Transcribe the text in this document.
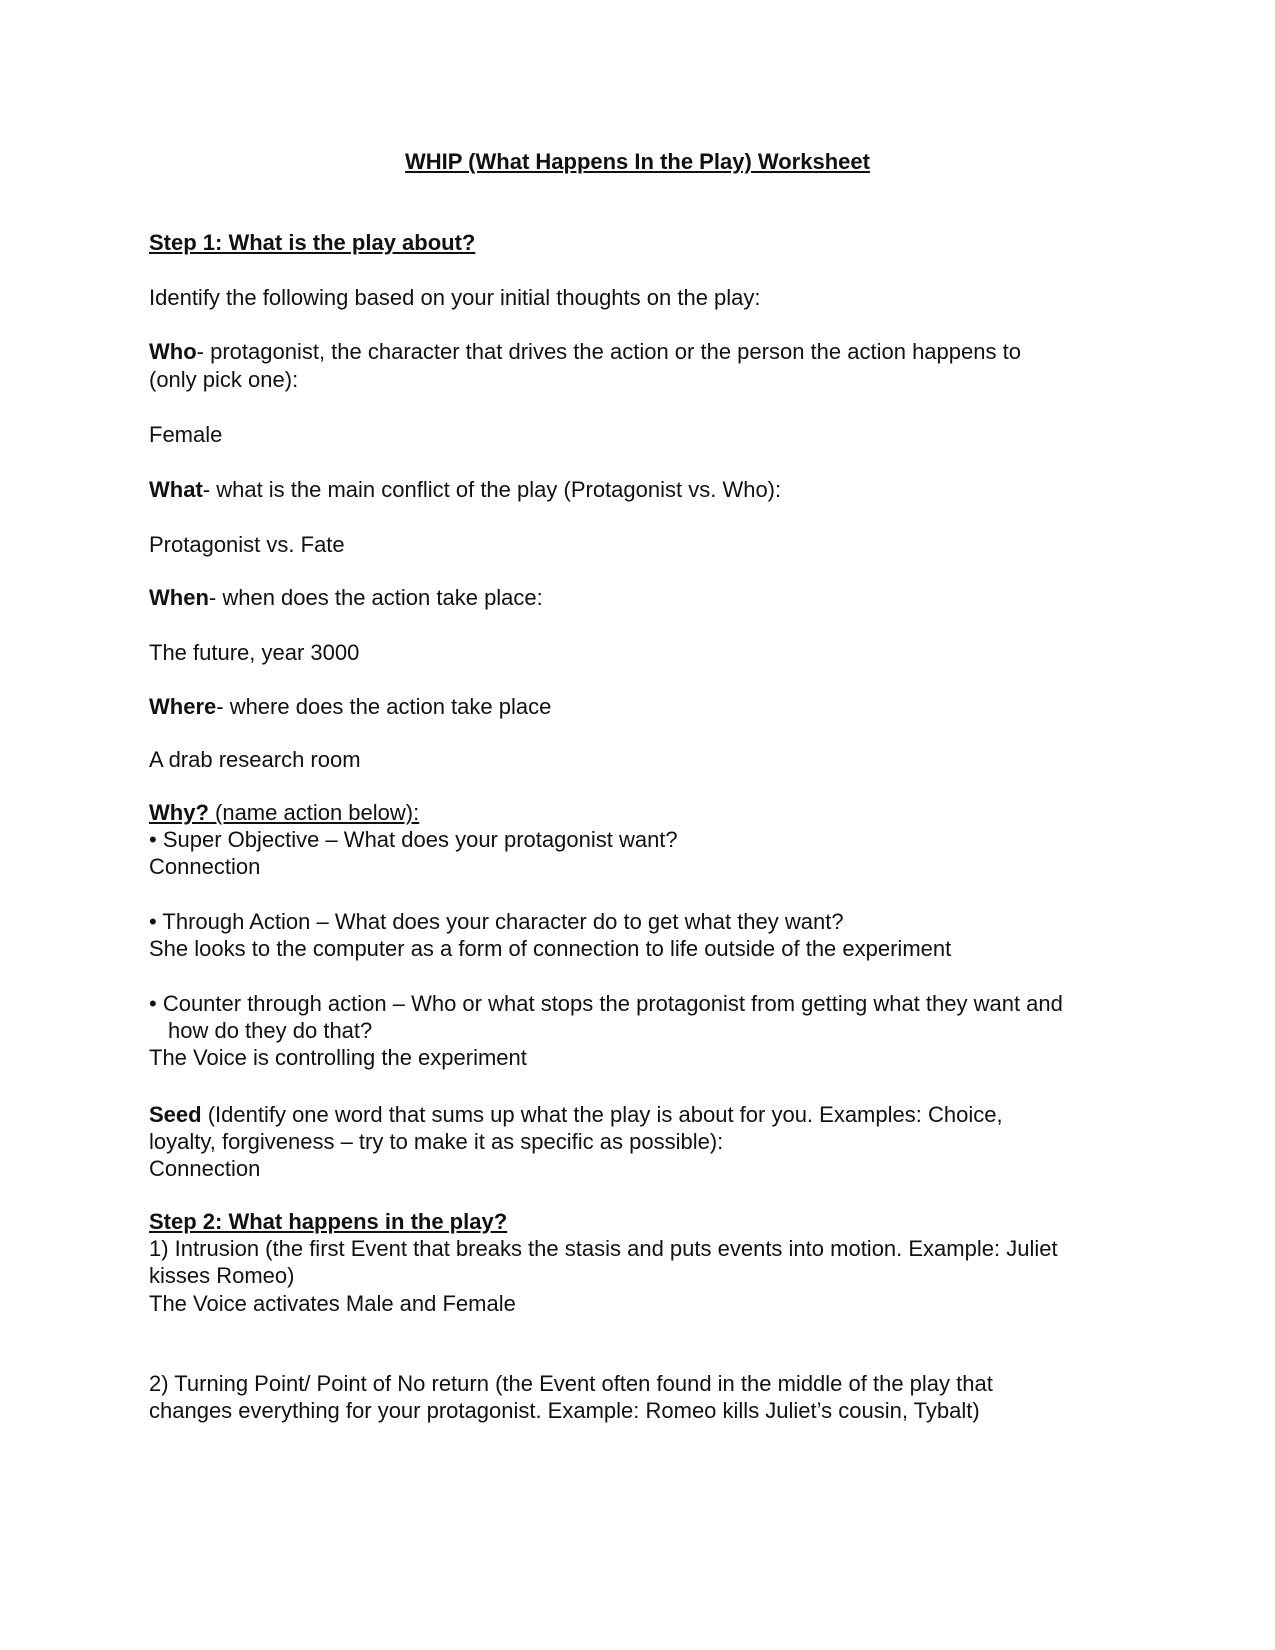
WHIP (What Happens In the Play) Worksheet
Step 1: What is the play about?
Identify the following based on your initial thoughts on the play:
Who- protagonist, the character that drives the action or the person the action happens to
(only pick one):
Female
What- what is the main conflict of the play (Protagonist vs. Who):
Protagonist vs. Fate
When- when does the action take place:
The future, year 3000
Where- where does the action take place
A drab research room
Why? (name action below):
• Super Objective – What does your protagonist want?
Connection
• Through Action – What does your character do to get what they want?
She looks to the computer as a form of connection to life outside of the experiment
• Counter through action – Who or what stops the protagonist from getting what they want and
how do they do that?
The Voice is controlling the experiment
Seed (Identify one word that sums up what the play is about for you. Examples: Choice,
loyalty, forgiveness – try to make it as specific as possible):
Connection
Step 2: What happens in the play?
1) Intrusion (the first Event that breaks the stasis and puts events into motion. Example: Juliet
kisses Romeo)
The Voice activates Male and Female
2) Turning Point/ Point of No return (the Event often found in the middle of the play that
changes everything for your protagonist. Example: Romeo kills Juliet’s cousin, Tybalt)
